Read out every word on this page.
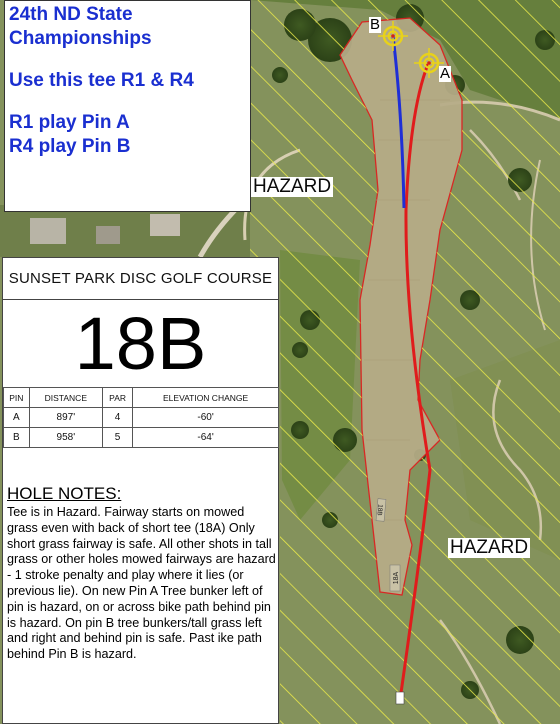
18B
18A
B
A
HAZARD
HAZARD
24th ND State
Championships
Use this tee R1 & R4
R1 play Pin A
R4 play Pin B
SUNSET PARK DISC GOLF COURSE
18B
PIN	DISTANCE	PAR	ELEVATION CHANGE
A	897'	4	-60'
B	958'	5	-64'
HOLE NOTES:
Tee is in Hazard. Fairway starts on mowed grass even with back of short tee (18A) Only short grass fairway is safe. All other shots in tall grass or other holes mowed fairways are hazard - 1 stroke penalty and play where it lies (or previous lie). On new Pin A Tree bunker left of pin is hazard, on or across bike path behind pin is hazard. On pin B tree bunkers/tall grass left and right and behind pin is safe. Past ike path behind Pin B is hazard.
